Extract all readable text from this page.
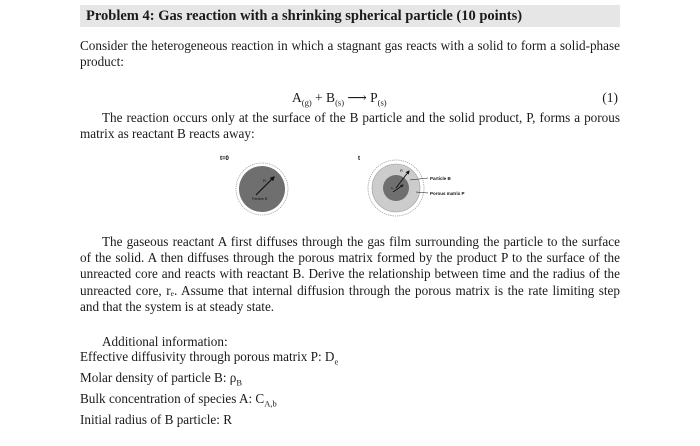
Problem 4: Gas reaction with a shrinking spherical particle (10 points)
Consider the heterogeneous reaction in which a stagnant gas reacts with a solid to form a solid-phase product:
$A_{(g)} + B_{(s)}$ ⟶ $P_{(s)}$	(1)
The reaction occurs only at the surface of the B particle and the solid product, P, forms a porous matrix as reactant B reacts away:
t=0	t
R
Particle B
R
rₑ
Particle B
Porous matrix P
The gaseous reactant A first diffuses through the gas film surrounding the particle to the surface of the solid. A then diffuses through the porous matrix formed by the product P to the surface of the unreacted core and reacts with reactant B. Derive the relationship between time and the radius of the unreacted core, rₑ. Assume that internal diffusion through the porous matrix is the rate limiting step and that the system is at steady state.
Additional information:
Effective diffusivity through porous matrix P: $D_e$
Molar density of particle B: $\rho_B$
Bulk concentration of species A: $C_{A,b}$
Initial radius of B particle: R
